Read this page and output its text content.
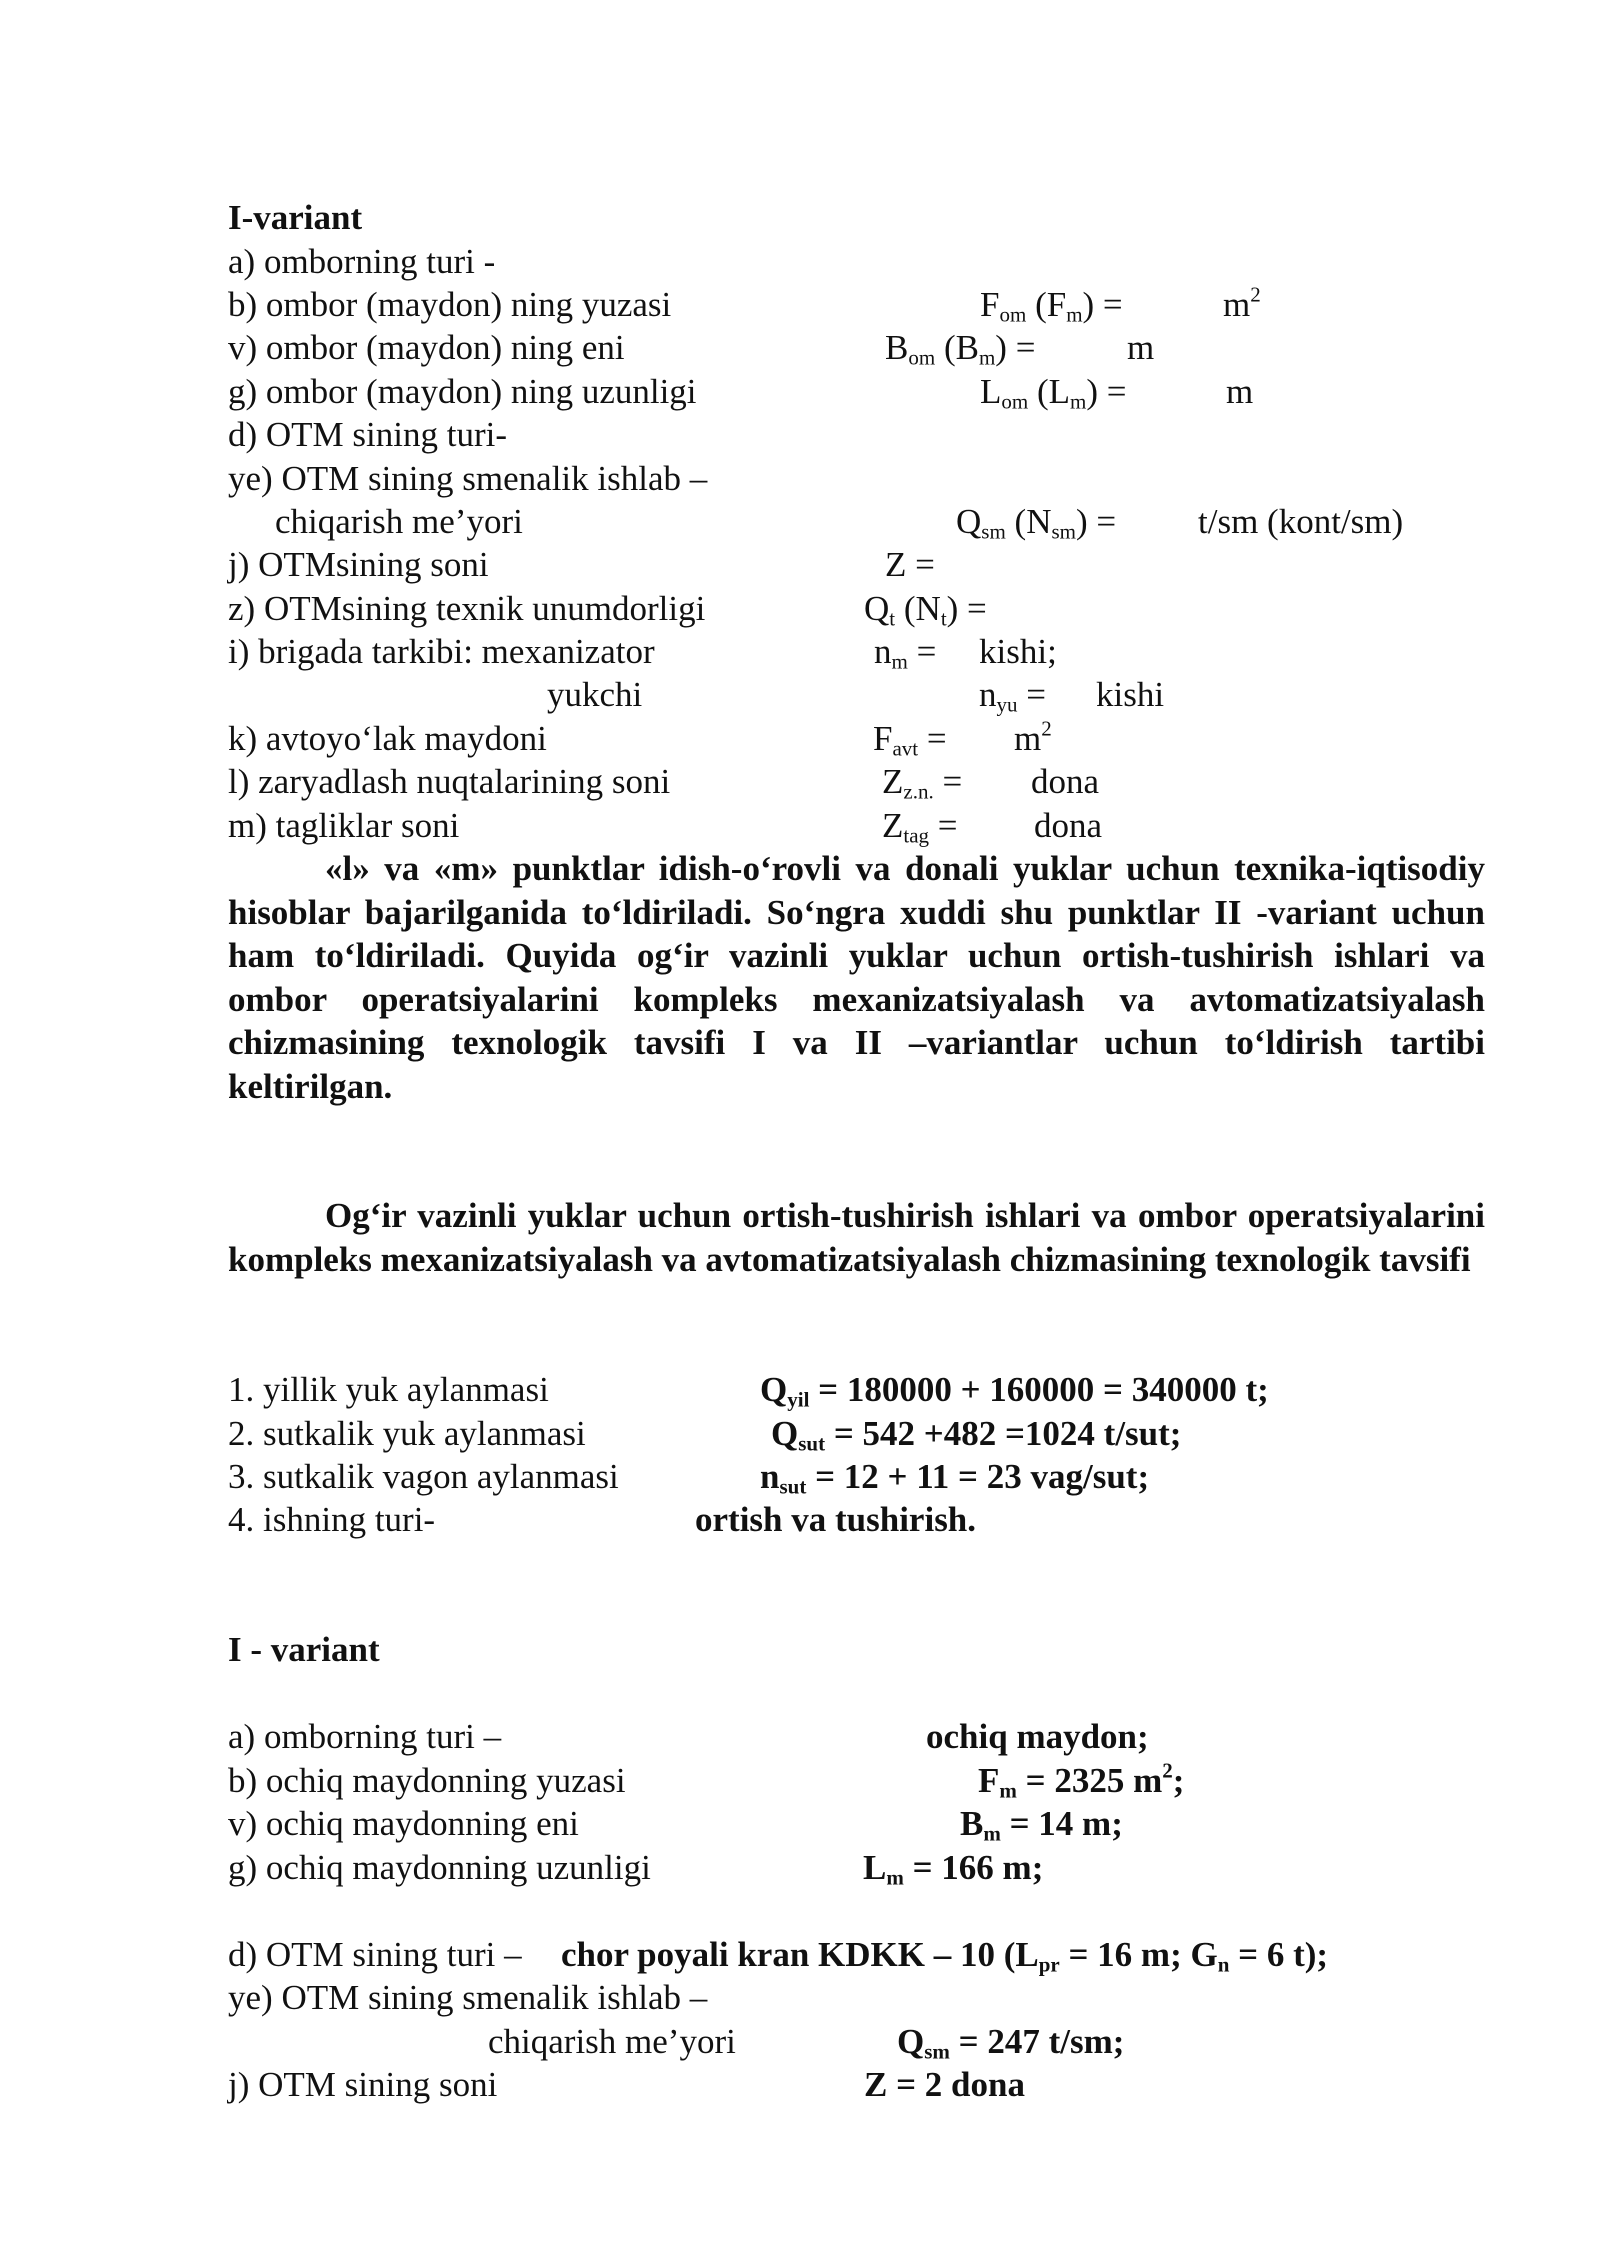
I-variant
a) omborning turi -
b) ombor (maydon) ning yuzasi	$F_{om}$ $(F_m)$ =	$m^2$
v) ombor (maydon) ning eni	$B_{om}$ $(B_m)$ =	m
g) ombor (maydon) ning uzunligi	$L_{om}$ $(L_m)$ =	m
d) OTM sining turi-
ye) OTM sining smenalik ishlab –
chiqarish me’yori	$Q_{sm}$ $(N_{sm}) = t/sm$ (kont/sm)
j) OTMsining soni	Z =
z) OTMsining texnik unumdorligi	$Q_t$ $(N_t)$ =
i) brigada tarkibi: mexanizator	$n_m$ = kishi;
yukchi	$n_{yu}$ = kishi
k) avtoyo‘lak maydoni	$F_{avt} = m^2$
l) zaryadlash nuqtalarining soni	$Z_{z.n.}$ = dona
m) tagliklar soni	$Z_{tag}$ = dona
«l» va «m» punktlar idish-o‘rovli va donali yuklar uchun texnika-iqtisodiy hisoblar bajarilganida to‘ldiriladi. So‘ngra xuddi shu punktlar II -variant uchun ham to‘ldiriladi. Quyida og‘ir vazinli yuklar uchun ortish-tushirish ishlari va ombor operatsiyalarini kompleks mexanizatsiyalash va avtomatizatsiyalash chizmasining texnologik tavsifi I va II –variantlar uchun to‘ldirish tartibi keltirilgan.
Og‘ir vazinli yuklar uchun ortish-tushirish ishlari va ombor operatsiyalarini kompleks mexanizatsiyalash va avtomatizatsiyalash chizmasining texnologik tavsifi
1. yillik yuk aylanmasi	$Q_{yil} = 180000 + 160000 = 340000$ t;
2. sutkalik yuk aylanmasi	$Q_{sut} = 542 +482 =1024$ t/sut;
3. sutkalik vagon aylanmasi	$n_{sut} = 12 + 11 = 23$ vag/sut;
4. ishning turi-	ortish va tushirish.
I - variant
a) omborning turi –	ochiq maydon;
b) ochiq maydonning yuzasi	$F_m = 2325$ $m^2$;
v) ochiq maydonning eni	$B_m = 14$ m;
g) ochiq maydonning uzunligi	$L_m = 166$ m;
d) OTM sining turi – chor poyali kran KDKK – 10 ($L_{pr} = 16$ m; $G_n = 6$ t);
ye) OTM sining smenalik ishlab –
chiqarish me’yori	$Q_{sm} = 247$ t/sm;
j) OTM sining soni	Z = 2 dona
